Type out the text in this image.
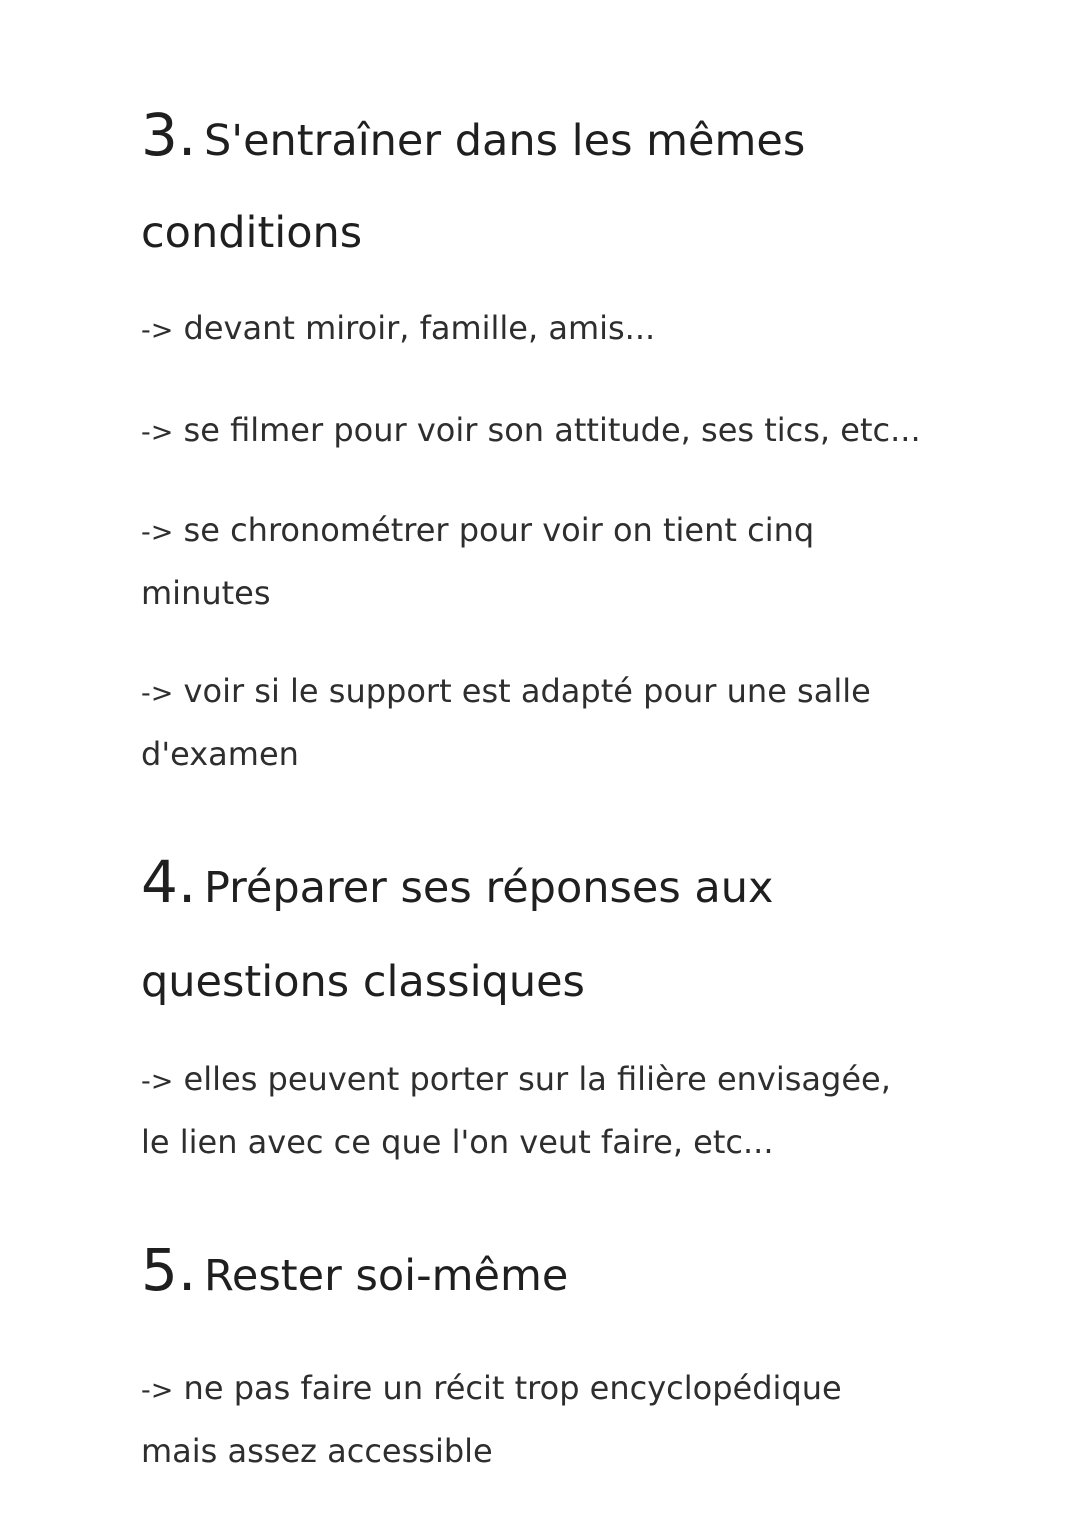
3. S'entraîner dans les mêmes
conditions

-> devant miroir, famille, amis...

-> se filmer pour voir son attitude, ses tics, etc...

-> se chronométrer pour voir on tient cinq
minutes

-> voir si le support est adapté pour une salle
d'examen

4. Préparer ses réponses aux
questions classiques

-> elles peuvent porter sur la filière envisagée,
le lien avec ce que l'on veut faire, etc...

5. Rester soi-même

-> ne pas faire un récit trop encyclopédique
mais assez accessible
